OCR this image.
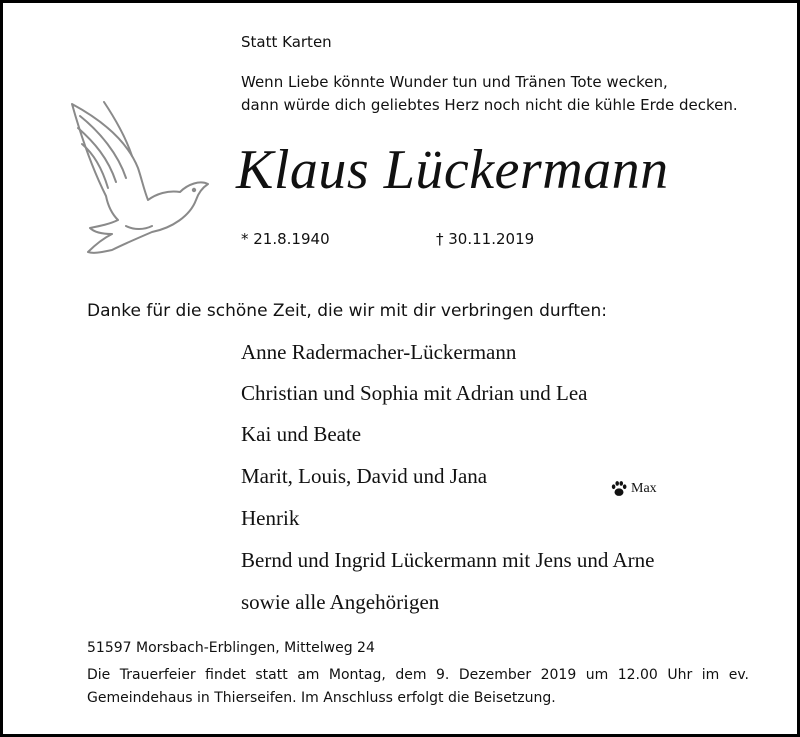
Statt Karten
Wenn Liebe könnte Wunder tun und Tränen Tote wecken,
dann würde dich geliebtes Herz noch nicht die kühle Erde decken.
Klaus Lückermann
* 21.8.1940	† 30.11.2019
Danke für die schöne Zeit, die wir mit dir verbringen durften:
Anne Radermacher-Lückermann
Christian und Sophia mit Adrian und Lea
Kai und Beate
Marit, Louis, David und Jana
Henrik
Bernd und Ingrid Lückermann mit Jens und Arne
sowie alle Angehörigen
Max
51597 Morsbach-Erblingen, Mittelweg 24
Die Trauerfeier findet statt am Montag, dem 9. Dezember 2019 um 12.00 Uhr im ev. Gemeindehaus in Thierseifen. Im Anschluss erfolgt die Beisetzung.
